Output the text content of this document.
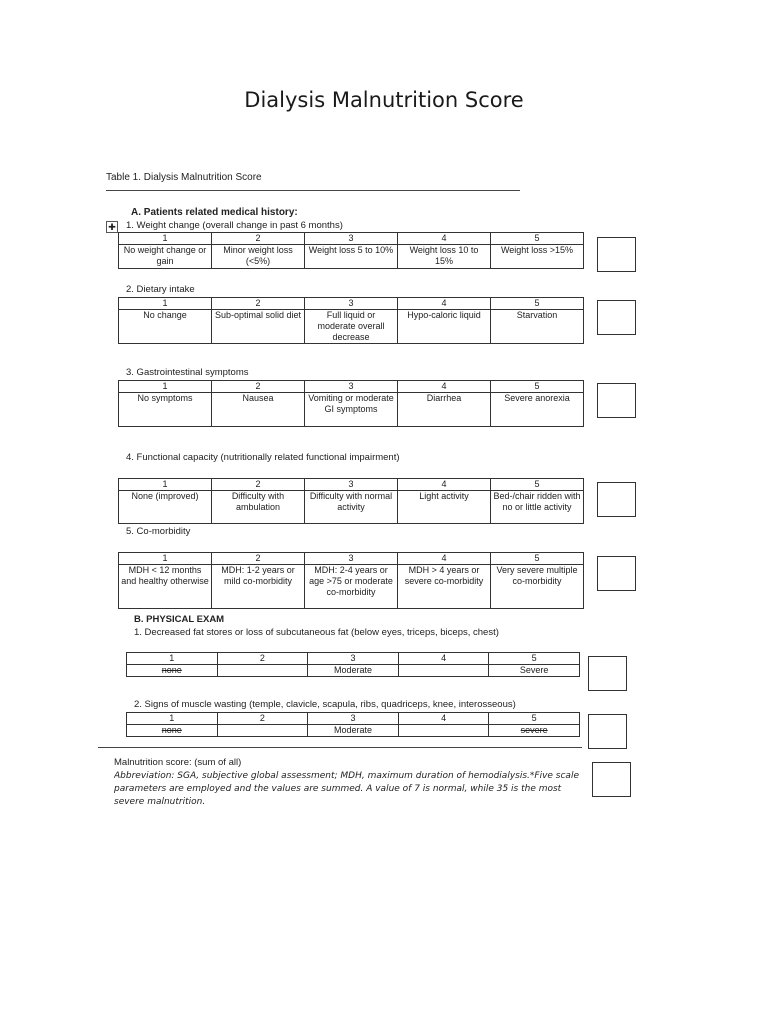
Dialysis Malnutrition Score
Table 1. Dialysis Malnutrition Score
A. Patients related medical history:
✚ 1. Weight change (overall change in past 6 months)
1	2	3	4	5
No weight change or gain	Minor weight loss (<5%)	Weight loss 5 to 10%	Weight loss 10 to 15%	Weight loss >15%
2. Dietary intake
1	2	3	4	5
No change	Sub-optimal solid diet	Full liquid or moderate overall decrease	Hypo-caloric liquid	Starvation
3. Gastrointestinal symptoms
1	2	3	4	5
No symptoms	Nausea	Vomiting or moderate GI symptoms	Diarrhea	Severe anorexia
4. Functional capacity (nutritionally related functional impairment)
1	2	3	4	5
None (improved)	Difficulty with ambulation	Difficulty with normal activity	Light activity	Bed-/chair ridden with no or little activity
5. Co-morbidity
1	2	3	4	5
MDH < 12 months and healthy otherwise	MDH: 1-2 years or mild co-morbidity	MDH: 2-4 years or age >75 or moderate co-morbidity	MDH > 4 years or severe co-morbidity	Very severe multiple co-morbidity
B. PHYSICAL EXAM
1. Decreased fat stores or loss of subcutaneous fat (below eyes, triceps, biceps, chest)
1	2	3	4	5
none		Moderate		Severe
2. Signs of muscle wasting (temple, clavicle, scapula, ribs, quadriceps, knee, interosseous)
1	2	3	4	5
none		Moderate		severe
Malnutrition score: (sum of all)
Abbreviation: SGA, subjective global assessment; MDH, maximum duration of hemodialysis.*Five scale parameters are employed and the values are summed. A value of 7 is normal, while 35 is the most severe malnutrition.
